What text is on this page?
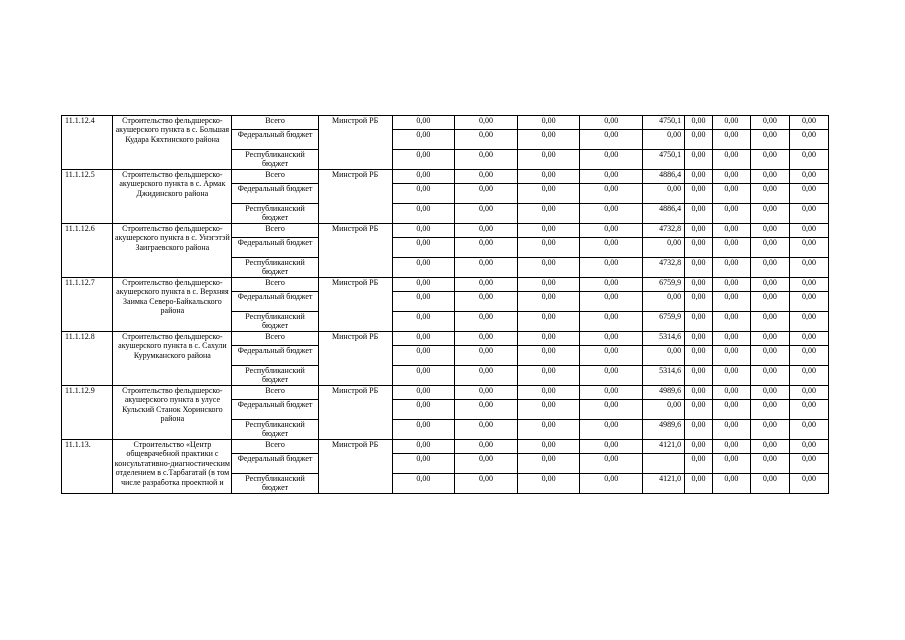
11.1.12.4	Строительство фельдшерско-акушерского пункта в с. Большая Кудара Кяхтинского района	Всего	Минстрой РБ	0,00	0,00	0,00	0,00	4750,1	0,00	0,00	0,00	0,00
		Федеральный бюджет		0,00	0,00	0,00	0,00	0,00	0,00	0,00	0,00	0,00
		Республиканский бюджет		0,00	0,00	0,00	0,00	4750,1	0,00	0,00	0,00	0,00
11.1.12.5	Строительство фельдшерско-акушерского пункта в с. Армак Джидинского района	Всего	Минстрой РБ	0,00	0,00	0,00	0,00	4886,4	0,00	0,00	0,00	0,00
		Федеральный бюджет		0,00	0,00	0,00	0,00	0,00	0,00	0,00	0,00	0,00
		Республиканский бюджет		0,00	0,00	0,00	0,00	4886,4	0,00	0,00	0,00	0,00
11.1.12.6	Строительство фельдшерско-акушерского пункта в с. Унэгэтэй Заиграевского района	Всего	Минстрой РБ	0,00	0,00	0,00	0,00	4732,8	0,00	0,00	0,00	0,00
		Федеральный бюджет		0,00	0,00	0,00	0,00	0,00	0,00	0,00	0,00	0,00
		Республиканский бюджет		0,00	0,00	0,00	0,00	4732,8	0,00	0,00	0,00	0,00
11.1.12.7	Строительство фельдшерско-акушерского пункта в с. Верхняя Заимка Северо-Байкальского района	Всего	Минстрой РБ	0,00	0,00	0,00	0,00	6759,9	0,00	0,00	0,00	0,00
		Федеральный бюджет		0,00	0,00	0,00	0,00	0,00	0,00	0,00	0,00	0,00
		Республиканский бюджет		0,00	0,00	0,00	0,00	6759,9	0,00	0,00	0,00	0,00
11.1.12.8	Строительство фельдшерско-акушерского пункта в с. Сахули Курумканского района	Всего	Минстрой РБ	0,00	0,00	0,00	0,00	5314,6	0,00	0,00	0,00	0,00
		Федеральный бюджет		0,00	0,00	0,00	0,00	0,00	0,00	0,00	0,00	0,00
		Республиканский бюджет		0,00	0,00	0,00	0,00	5314,6	0,00	0,00	0,00	0,00
11.1.12.9	Строительство фельдшерско-акушерского пункта в улусе Кульский Станок Хоринского района	Всего	Минстрой РБ	0,00	0,00	0,00	0,00	4989,6	0,00	0,00	0,00	0,00
		Федеральный бюджет		0,00	0,00	0,00	0,00	0,00	0,00	0,00	0,00	0,00
		Республиканский бюджет		0,00	0,00	0,00	0,00	4989,6	0,00	0,00	0,00	0,00
11.1.13.	Строительство «Центр общеврачебной практики с консультативно-диагностическим отделением в с.Тарбагатай (в том числе разработка проектной и	Всего	Минстрой РБ	0,00	0,00	0,00	0,00	4121,0	0,00	0,00	0,00	0,00
		Федеральный бюджет		0,00	0,00	0,00	0,00		0,00	0,00	0,00	0,00
		Республиканский бюджет		0,00	0,00	0,00	0,00	4121,0	0,00	0,00	0,00	0,00
